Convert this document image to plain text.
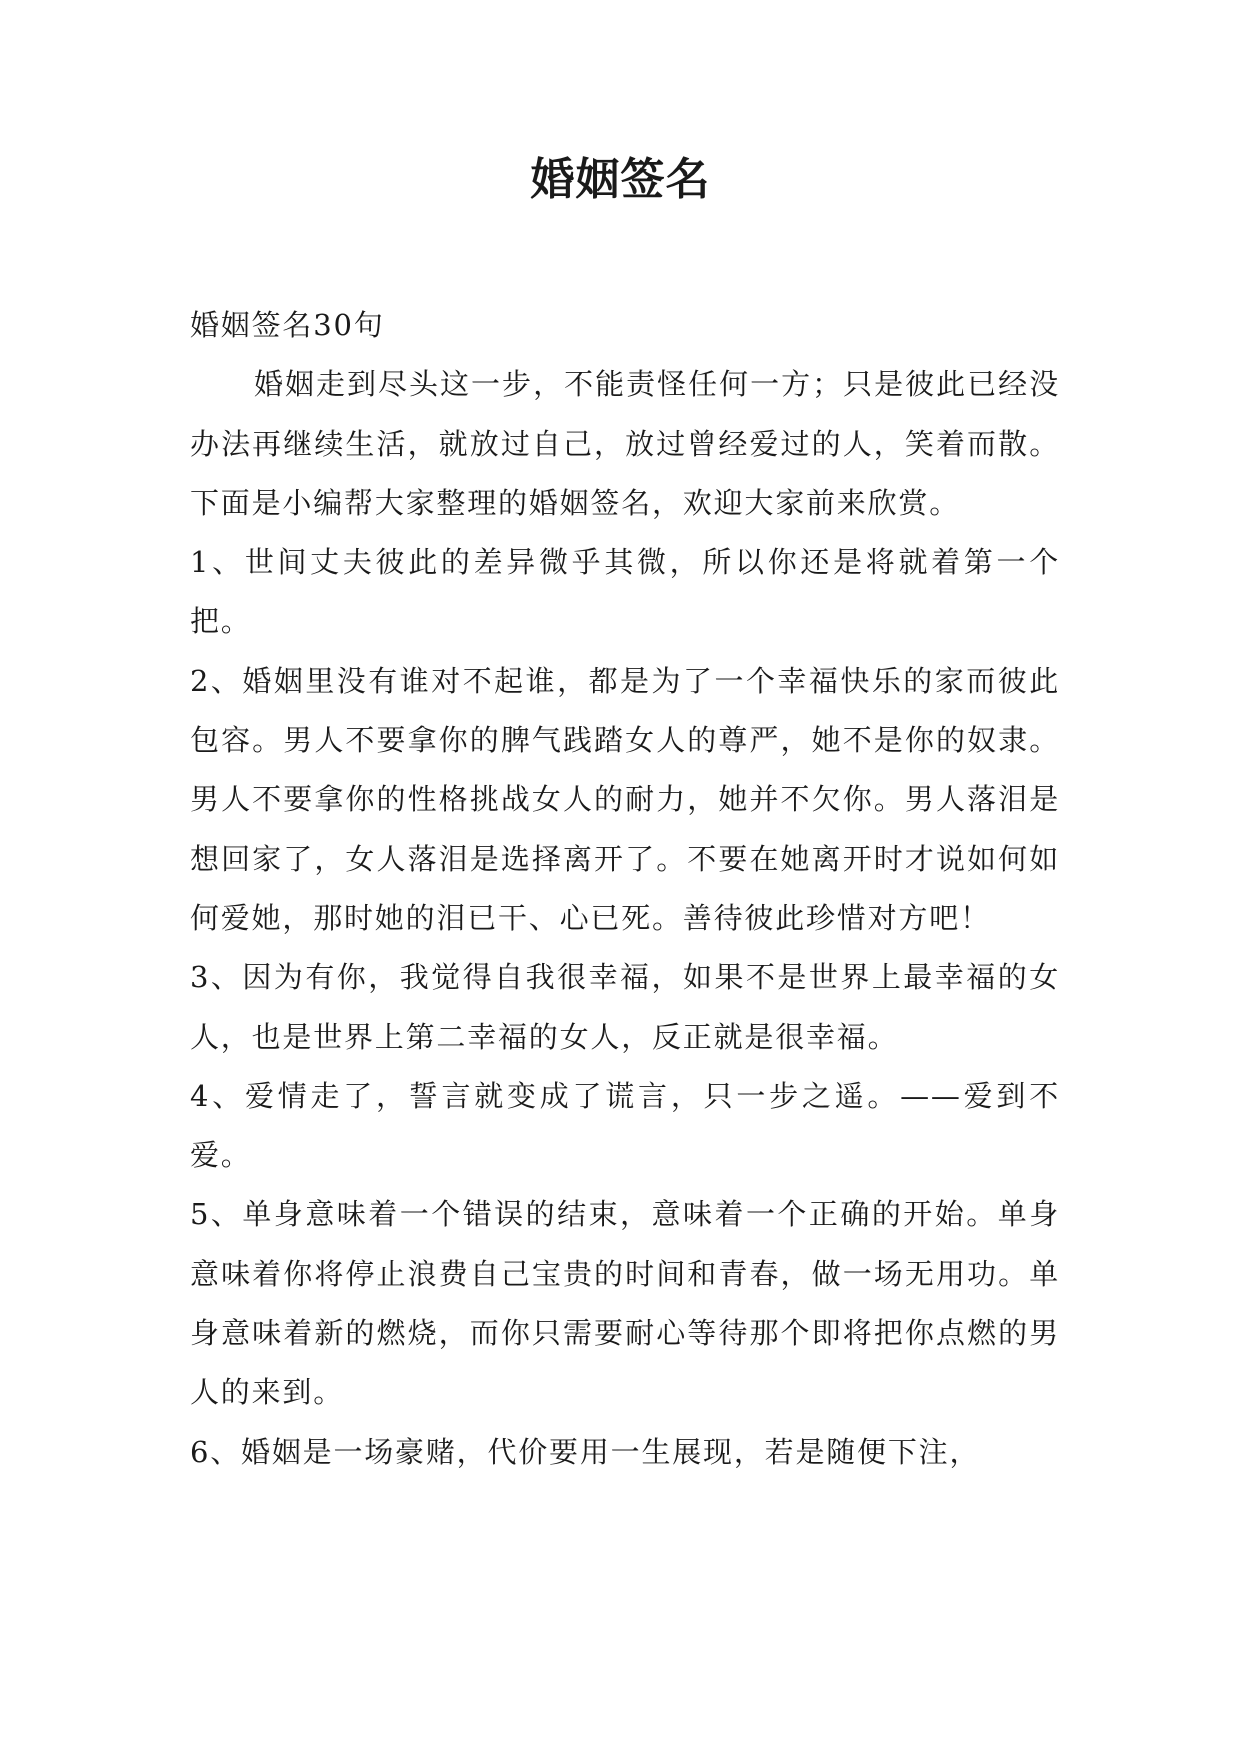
婚姻签名

婚姻签名30句

婚姻走到尽头这一步，不能责怪任何一方；只是彼此已经没办法再继续生活，就放过自己，放过曾经爱过的人，笑着而散。下面是小编帮大家整理的婚姻签名，欢迎大家前来欣赏。

1、世间丈夫彼此的差异微乎其微，所以你还是将就着第一个把。

2、婚姻里没有谁对不起谁，都是为了一个幸福快乐的家而彼此包容。男人不要拿你的脾气践踏女人的尊严，她不是你的奴隶。男人不要拿你的性格挑战女人的耐力，她并不欠你。男人落泪是想回家了，女人落泪是选择离开了。不要在她离开时才说如何如何爱她，那时她的泪已干、心已死。善待彼此珍惜对方吧！

3、因为有你，我觉得自我很幸福，如果不是世界上最幸福的女人，也是世界上第二幸福的女人，反正就是很幸福。

4、爱情走了，誓言就变成了谎言，只一步之遥。——爱到不爱。

5、单身意味着一个错误的结束，意味着一个正确的开始。单身意味着你将停止浪费自己宝贵的时间和青春，做一场无用功。单身意味着新的燃烧，而你只需要耐心等待那个即将把你点燃的男人的来到。

6、婚姻是一场豪赌，代价要用一生展现，若是随便下注，
